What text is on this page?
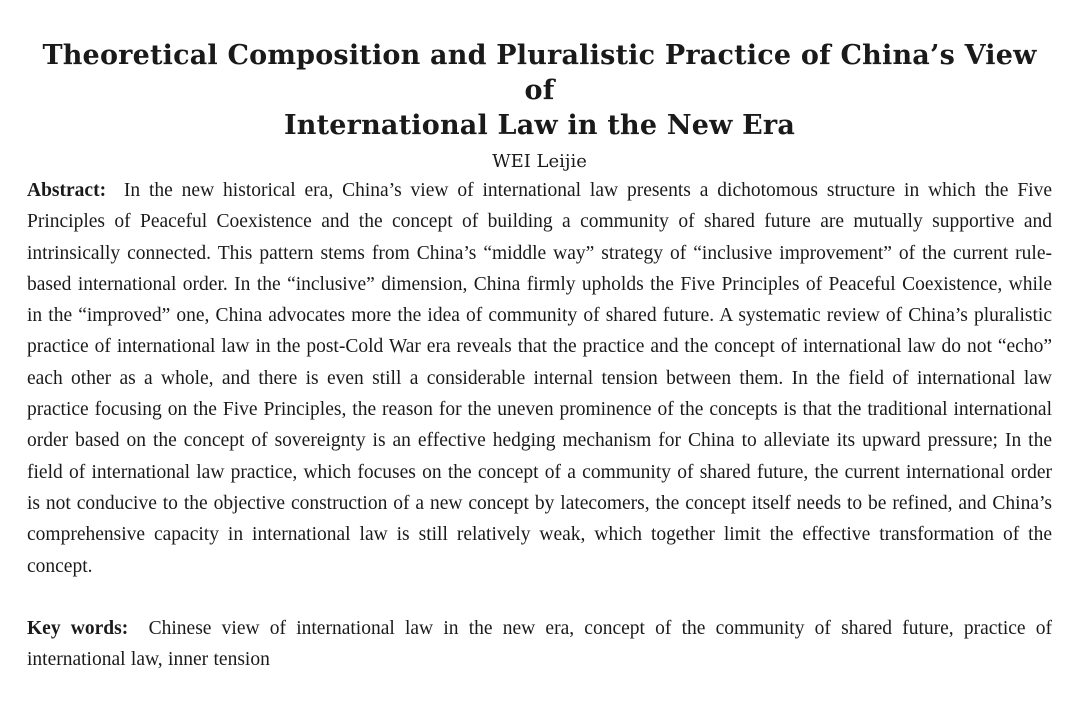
Theoretical Composition and Pluralistic Practice of China’s View of
International Law in the New Era

WEI Leijie

Abstract: In the new historical era, China’s view of international law presents a dichotomous structure in which the Five Principles of Peaceful Coexistence and the concept of building a community of shared future are mutually supportive and intrinsically connected. This pattern stems from China’s “middle way” strategy of “inclusive improvement” of the current rule-based international order. In the “inclusive” dimension, China firmly upholds the Five Principles of Peaceful Coexistence, while in the “improved” one, China advocates more the idea of community of shared future. A systematic review of China’s pluralistic practice of international law in the post-Cold War era reveals that the practice and the concept of international law do not “echo” each other as a whole, and there is even still a considerable internal tension between them. In the field of international law practice focusing on the Five Principles, the reason for the uneven prominence of the concepts is that the traditional international order based on the concept of sovereignty is an effective hedging mechanism for China to alleviate its upward pressure; In the field of international law practice, which focuses on the concept of a community of shared future, the current international order is not conducive to the objective construction of a new concept by latecomers, the concept itself needs to be refined, and China’s comprehensive capacity in international law is still relatively weak, which together limit the effective transformation of the concept.

Key words: Chinese view of international law in the new era, concept of the community of shared future, practice of international law, inner tension
